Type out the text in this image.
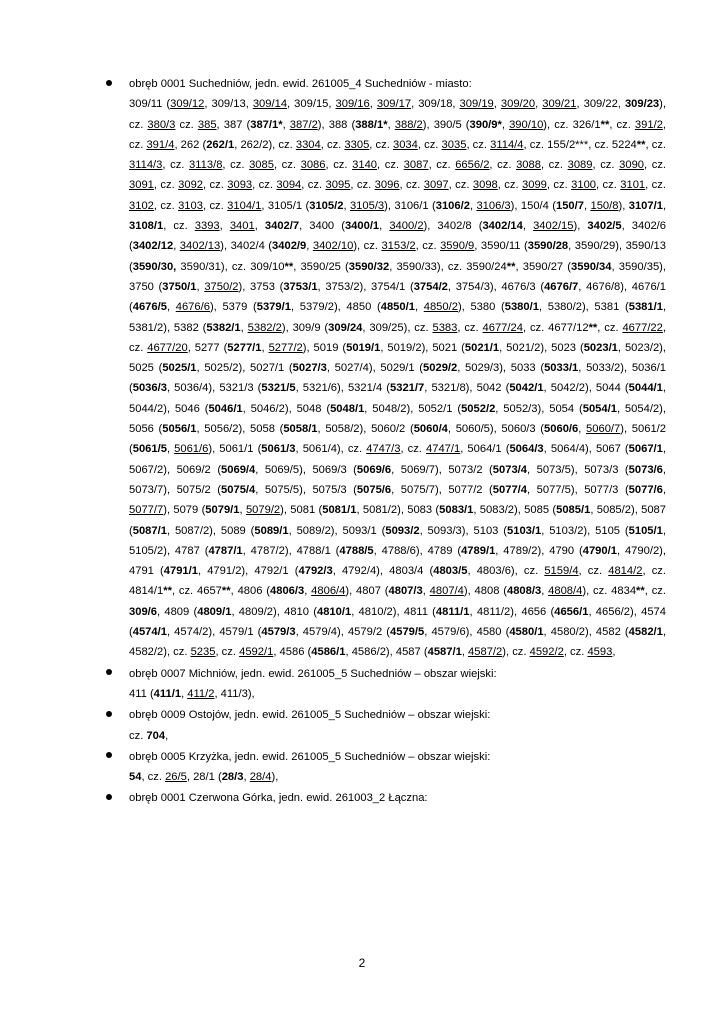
obręb 0001 Suchedniów, jedn. ewid. 261005_4 Suchedniów - miasto:
309/11 (309/12, 309/13, 309/14, 309/15, 309/16, 309/17, 309/18, 309/19, 309/20, 309/21, 309/22, 309/23), cz. 380/3 cz. 385, 387 (387/1*, 387/2), 388 (388/1*, 388/2), 390/5 (390/9*, 390/10), cz. 326/1**, cz. 391/2, cz. 391/4, 262 (262/1, 262/2), cz. 3304, cz. 3305, cz. 3034, cz. 3035, cz. 3114/4, cz. 155/2***, cz. 5224**, cz. 3114/3, cz. 3113/8, cz. 3085, cz. 3086, cz. 3140, cz. 3087, cz. 6656/2, cz. 3088, cz. 3089, cz. 3090, cz. 3091, cz. 3092, cz. 3093, cz. 3094, cz. 3095, cz. 3096, cz. 3097, cz. 3098, cz. 3099, cz. 3100, cz. 3101, cz. 3102, cz. 3103, cz. 3104/1, 3105/1 (3105/2, 3105/3), 3106/1 (3106/2, 3106/3), 150/4 (150/7, 150/8), 3107/1, 3108/1, cz. 3393, 3401, 3402/7, 3400 (3400/1, 3400/2), 3402/8 (3402/14, 3402/15), 3402/5, 3402/6 (3402/12, 3402/13), 3402/4 (3402/9, 3402/10), cz. 3153/2, cz. 3590/9, 3590/11 (3590/28, 3590/29), 3590/13 (3590/30, 3590/31), cz. 309/10**, 3590/25 (3590/32, 3590/33), cz. 3590/24**, 3590/27 (3590/34, 3590/35), 3750 (3750/1, 3750/2), 3753 (3753/1, 3753/2), 3754/1 (3754/2, 3754/3), 4676/3 (4676/7, 4676/8), 4676/1 (4676/5, 4676/6), 5379 (5379/1, 5379/2), 4850 (4850/1, 4850/2), 5380 (5380/1, 5380/2), 5381 (5381/1, 5381/2), 5382 (5382/1, 5382/2), 309/9 (309/24, 309/25), cz. 5383, cz. 4677/24, cz. 4677/12**, cz. 4677/22, cz. 4677/20, 5277 (5277/1, 5277/2), 5019 (5019/1, 5019/2), 5021 (5021/1, 5021/2), 5023 (5023/1, 5023/2), 5025 (5025/1, 5025/2), 5027/1 (5027/3, 5027/4), 5029/1 (5029/2, 5029/3), 5033 (5033/1, 5033/2), 5036/1 (5036/3, 5036/4), 5321/3 (5321/5, 5321/6), 5321/4 (5321/7, 5321/8), 5042 (5042/1, 5042/2), 5044 (5044/1, 5044/2), 5046 (5046/1, 5046/2), 5048 (5048/1, 5048/2), 5052/1 (5052/2, 5052/3), 5054 (5054/1, 5054/2), 5056 (5056/1, 5056/2), 5058 (5058/1, 5058/2), 5060/2 (5060/4, 5060/5), 5060/3 (5060/6, 5060/7), 5061/2 (5061/5, 5061/6), 5061/1 (5061/3, 5061/4), cz. 4747/3, cz. 4747/1, 5064/1 (5064/3, 5064/4), 5067 (5067/1, 5067/2), 5069/2 (5069/4, 5069/5), 5069/3 (5069/6, 5069/7), 5073/2 (5073/4, 5073/5), 5073/3 (5073/6, 5073/7), 5075/2 (5075/4, 5075/5), 5075/3 (5075/6, 5075/7), 5077/2 (5077/4, 5077/5), 5077/3 (5077/6, 5077/7), 5079 (5079/1, 5079/2), 5081 (5081/1, 5081/2), 5083 (5083/1, 5083/2), 5085 (5085/1, 5085/2), 5087 (5087/1, 5087/2), 5089 (5089/1, 5089/2), 5093/1 (5093/2, 5093/3), 5103 (5103/1, 5103/2), 5105 (5105/1, 5105/2), 4787 (4787/1, 4787/2), 4788/1 (4788/5, 4788/6), 4789 (4789/1, 4789/2), 4790 (4790/1, 4790/2), 4791 (4791/1, 4791/2), 4792/1 (4792/3, 4792/4), 4803/4 (4803/5, 4803/6), cz. 5159/4, cz. 4814/2, cz. 4814/1**, cz. 4657**, 4806 (4806/3, 4806/4), 4807 (4807/3, 4807/4), 4808 (4808/3, 4808/4), cz. 4834**, cz. 309/6, 4809 (4809/1, 4809/2), 4810 (4810/1, 4810/2), 4811 (4811/1, 4811/2), 4656 (4656/1, 4656/2), 4574 (4574/1, 4574/2), 4579/1 (4579/3, 4579/4), 4579/2 (4579/5, 4579/6), 4580 (4580/1, 4580/2), 4582 (4582/1, 4582/2), cz. 5235, cz. 4592/1, 4586 (4586/1, 4586/2), 4587 (4587/1, 4587/2), cz. 4592/2, cz. 4593,
obręb 0007 Michniów, jedn. ewid. 261005_5 Suchedniów – obszar wiejski:
411 (411/1, 411/2, 411/3),
obręb 0009 Ostojów, jedn. ewid. 261005_5 Suchedniów – obszar wiejski:
cz. 704,
obręb 0005 Krzyżka, jedn. ewid. 261005_5 Suchedniów – obszar wiejski:
54, cz. 26/5, 28/1 (28/3, 28/4),
obręb 0001 Czerwona Górka, jedn. ewid. 261003_2 Łączna:
2
